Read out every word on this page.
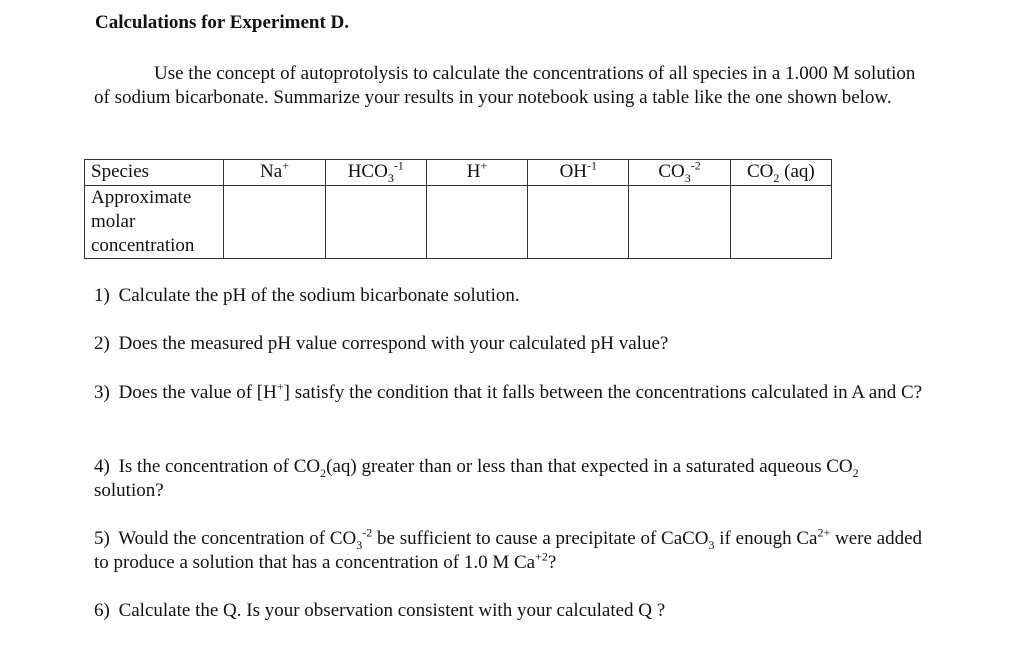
Calculations for Experiment D.

Use the concept of autoprotolysis to calculate the concentrations of all species in a 1.000 M solution of sodium bicarbonate. Summarize your results in your notebook using a table like the one shown below.

Species	Na+	$HCO_3^{-1}$	H+	$OH^{-1}$	$CO_3^{-2}$	$CO_2$ (aq)
Approximate molar concentration						

1) Calculate the pH of the sodium bicarbonate solution.

2) Does the measured pH value correspond with your calculated pH value?

3) Does the value of [H+] satisfy the condition that it falls between the concentrations calculated in A and C?

4) Is the concentration of $CO_2(aq)$ greater than or less than that expected in a saturated aqueous $CO_2$ solution?

5) Would the concentration of $CO_3^{-2}$ be sufficient to cause a precipitate of CaCO$_3$ if enough $Ca^{2+}$ were added to produce a solution that has a concentration of 1.0 M $Ca^{+2}$?

6) Calculate the Q. Is your observation consistent with your calculated Q ?
